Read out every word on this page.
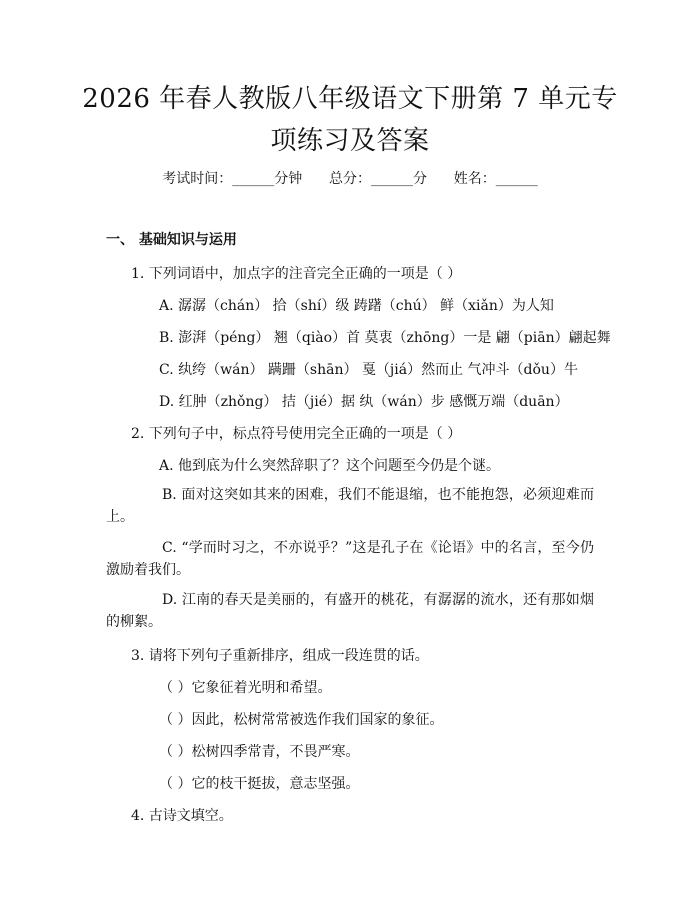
2026 年春人教版八年级语文下册第 7 单元专
项练习及答案
考试时间：______分钟      总分：______分      姓名：______
一、 基础知识与运用
1. 下列词语中，加点字的注音完全正确的一项是（ ）
A. 潺潺（chán） 拾（shí）级 踌躇（chú） 鲜（xiǎn）为人知
B. 澎湃（péng） 翘（qiào）首 莫衷（zhōng）一是 翩（piān）翩起舞
C. 纨绔（wán） 蹒跚（shān） 戛（jiá）然而止 气冲斗（dǒu）牛
D. 红肿（zhǒng） 拮（jié）据 纨（wán）步 感慨万端（duān）
2. 下列句子中，标点符号使用完全正确的一项是（ ）
A. 他到底为什么突然辞职了？这个问题至今仍是个谜。
B. 面对这突如其来的困难，我们不能退缩，也不能抱怨，必须迎难而上。
C. “学而时习之，不亦说乎？”这是孔子在《论语》中的名言，至今仍激励着我们。
D. 江南的春天是美丽的，有盛开的桃花，有潺潺的流水，还有那如烟的柳絮。
3. 请将下列句子重新排序，组成一段连贯的话。
（ ）它象征着光明和希望。
（ ）因此，松树常常被选作我们国家的象征。
（ ）松树四季常青，不畏严寒。
（ ）它的枝干挺拔，意志坚强。
4. 古诗文填空。
